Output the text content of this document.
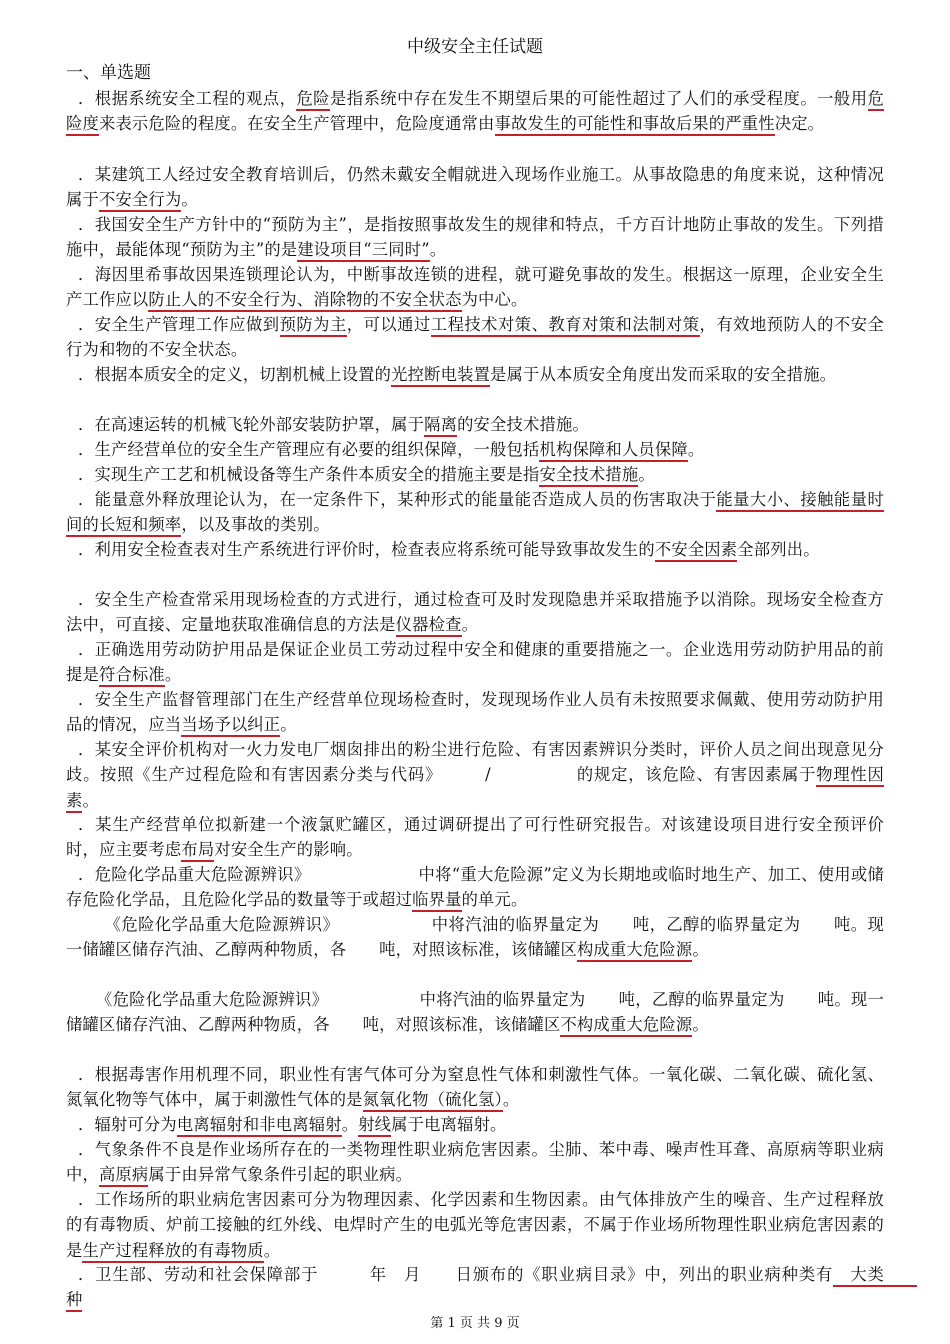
中级安全主任试题
一、单选题
．根据系统安全工程的观点，危险是指系统中存在发生不期望后果的可能性超过了人们的承受程度。一般用危险度来表示危险的程度。在安全生产管理中，危险度通常由事故发生的可能性和事故后果的严重性决定。
．某建筑工人经过安全教育培训后，仍然未戴安全帽就进入现场作业施工。从事故隐患的角度来说，这种情况属于不安全行为。
．我国安全生产方针中的“预防为主”，是指按照事故发生的规律和特点，千方百计地防止事故的发生。下列措施中，最能体现“预防为主”的是建设项目“三同时”。
．海因里希事故因果连锁理论认为，中断事故连锁的进程，就可避免事故的发生。根据这一原理，企业安全生产工作应以防止人的不安全行为、消除物的不安全状态为中心。
．安全生产管理工作应做到预防为主，可以通过工程技术对策、教育对策和法制对策，有效地预防人的不安全行为和物的不安全状态。
．根据本质安全的定义，切割机械上设置的光控断电装置是属于从本质安全角度出发而采取的安全措施。
．在高速运转的机械飞轮外部安装防护罩，属于隔离的安全技术措施。
．生产经营单位的安全生产管理应有必要的组织保障，一般包括机构保障和人员保障。
．实现生产工艺和机械设备等生产条件本质安全的措施主要是指安全技术措施。
．能量意外释放理论认为，在一定条件下，某种形式的能量能否造成人员的伤害取决于能量大小、接触能量时间的长短和频率，以及事故的类别。
．利用安全检查表对生产系统进行评价时，检查表应将系统可能导致事故发生的不安全因素全部列出。
．安全生产检查常采用现场检查的方式进行，通过检查可及时发现隐患并采取措施予以消除。现场安全检查方法中，可直接、定量地获取准确信息的方法是仪器检查。
．正确选用劳动防护用品是保证企业员工劳动过程中安全和健康的重要措施之一。企业选用劳动防护用品的前提是符合标准。
．安全生产监督管理部门在生产经营单位现场检查时，发现现场作业人员有未按照要求佩戴、使用劳动防护用品的情况，应当当场予以纠正。
．某安全评价机构对一火力发电厂烟囱排出的粉尘进行危险、有害因素辨识分类时，评价人员之间出现意见分歧。按照《生产过程危险和有害因素分类与代码》　　　/　　　　　的规定，该危险、有害因素属于物理性因素。
．某生产经营单位拟新建一个液氯贮罐区，通过调研提出了可行性研究报告。对该建设项目进行安全预评价时，应主要考虑布局对安全生产的影响。
．危险化学品重大危险源辨识》　　　　　　　中将“重大危险源”定义为长期地或临时地生产、加工、使用或储存危险化学品，且危险化学品的数量等于或超过临界量的单元。
　《危险化学品重大危险源辨识》　　　　　　中将汽油的临界量定为　　吨，乙醇的临界量定为　　吨。现一储罐区储存汽油、乙醇两种物质，各　　吨，对照该标准，该储罐区构成重大危险源。
《危险化学品重大危险源辨识》　　　　　　中将汽油的临界量定为　　吨，乙醇的临界量定为　　吨。现一储罐区储存汽油、乙醇两种物质，各　　吨，对照该标准，该储罐区不构成重大危险源。
．根据毒害作用机理不同，职业性有害气体可分为窒息性气体和刺激性气体。一氧化碳、二氧化碳、硫化氢、氮氧化物等气体中，属于刺激性气体的是氮氧化物（硫化氢）。
．辐射可分为电离辐射和非电离辐射。射线属于电离辐射。
．气象条件不良是作业场所存在的一类物理性职业病危害因素。尘肺、苯中毒、噪声性耳聋、高原病等职业病中，高原病属于由异常气象条件引起的职业病。
．工作场所的职业病危害因素可分为物理因素、化学因素和生物因素。由气体排放产生的噪音、生产过程释放的有毒物质、炉前工接触的红外线、电焊时产生的电弧光等危害因素，不属于作业场所物理性职业病危害因素的是生产过程释放的有毒物质。
．卫生部、劳动和社会保障部于　　　年　月　　日颁布的《职业病目录》中，列出的职业病种类有　大类　　种
第 1 页 共 9 页
